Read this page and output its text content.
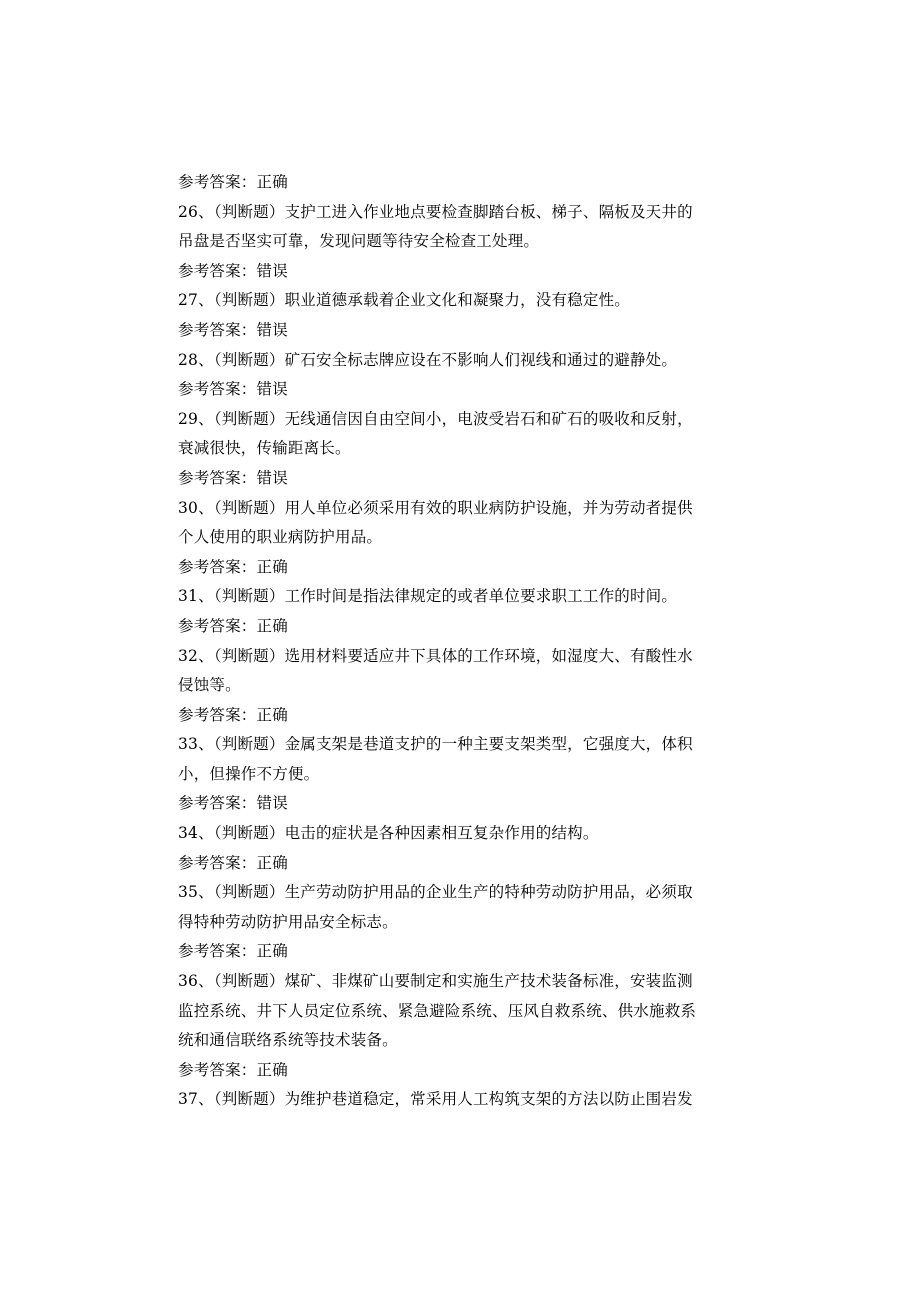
参考答案：正确
26、（判断题）支护工进入作业地点要检查脚踏台板、梯子、隔板及天井的
吊盘是否坚实可靠，发现问题等待安全检查工处理。
参考答案：错误
27、（判断题）职业道德承载着企业文化和凝聚力，没有稳定性。
参考答案：错误
28、（判断题）矿石安全标志牌应设在不影响人们视线和通过的避静处。
参考答案：错误
29、（判断题）无线通信因自由空间小，电波受岩石和矿石的吸收和反射，
衰减很快，传输距离长。
参考答案：错误
30、（判断题）用人单位必须采用有效的职业病防护设施，并为劳动者提供
个人使用的职业病防护用品。
参考答案：正确
31、（判断题）工作时间是指法律规定的或者单位要求职工工作的时间。
参考答案：正确
32、（判断题）选用材料要适应井下具体的工作环境，如湿度大、有酸性水
侵蚀等。
参考答案：正确
33、（判断题）金属支架是巷道支护的一种主要支架类型，它强度大，体积
小，但操作不方便。
参考答案：错误
34、（判断题）电击的症状是各种因素相互复杂作用的结构。
参考答案：正确
35、（判断题）生产劳动防护用品的企业生产的特种劳动防护用品，必须取
得特种劳动防护用品安全标志。
参考答案：正确
36、（判断题）煤矿、非煤矿山要制定和实施生产技术装备标准，安装监测
监控系统、井下人员定位系统、紧急避险系统、压风自救系统、供水施救系
统和通信联络系统等技术装备。
参考答案：正确
37、（判断题）为维护巷道稳定，常采用人工构筑支架的方法以防止围岩发
